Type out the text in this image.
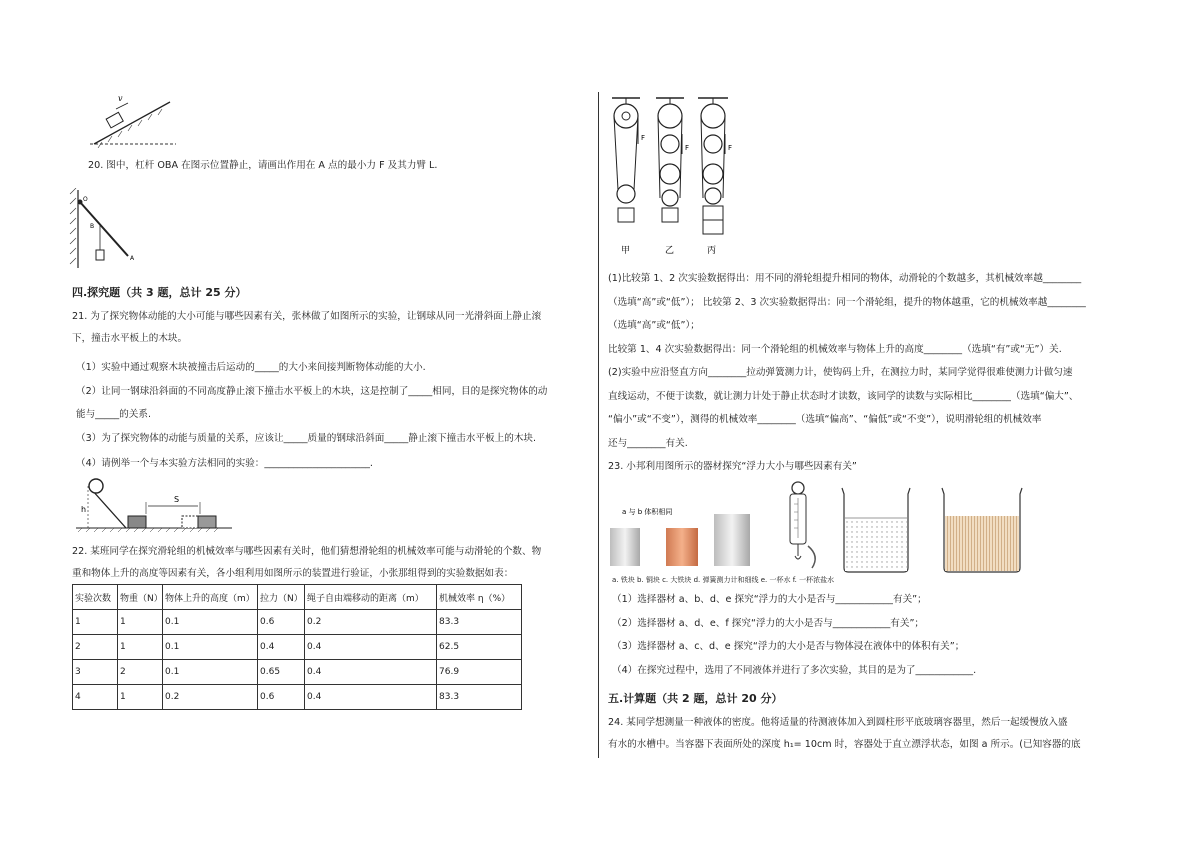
v
20. 图中，杠杆 OBA 在图示位置静止，请画出作用在 A 点的最小力 F 及其力臂 L.
O
B
A
四.探究题（共 3 题，总计 25 分）
21. 为了探究物体动能的大小可能与哪些因素有关，张林做了如图所示的实验，让钢球从同一光滑斜面上静止滚
下，撞击水平板上的木块。
（1）实验中通过观察木块被撞击后运动的_____的大小来间接判断物体动能的大小.
（2）让同一钢球沿斜面的不同高度静止滚下撞击水平板上的木块，这是控制了_____相同，目的是探究物体的动
能与_____的关系.
（3）为了探究物体的动能与质量的关系，应该让_____质量的钢球沿斜面_____静止滚下撞击水平板上的木块.
（4）请例举一个与本实验方法相同的实验：______________________.
h
S
22. 某班同学在探究滑轮组的机械效率与哪些因素有关时，他们猜想滑轮组的机械效率可能与动滑轮的个数、物
重和物体上升的高度等因素有关，各小组利用如图所示的装置进行验证，小张那组得到的实验数据如表：
实验次数	物重（N）	物体上升的高度（m）	拉力（N）	绳子自由端移动的距离（m）	机械效率 η（%）
1	1	0.1	0.6	0.2	83.3
2	1	0.1	0.4	0.4	62.5
3	2	0.1	0.65	0.4	76.9
4	1	0.2	0.6	0.4	83.3
F
F	F
甲	乙	丙
(1)比较第 1、2 次实验数据得出：用不同的滑轮组提升相同的物体，动滑轮的个数越多，其机械效率越________
（选填“高”或“低”）； 比较第 2、3 次实验数据得出：同一个滑轮组，提升的物体越重，它的机械效率越________
（选填“高”或“低”）；
比较第 1、4 次实验数据得出：同一个滑轮组的机械效率与物体上升的高度________（选填“有”或“无”）关.
(2)实验中应沿竖直方向________拉动弹簧测力计，使钩码上升，在测拉力时，某同学觉得很难使测力计做匀速
直线运动，不便于读数，就让测力计处于静止状态时才读数，该同学的读数与实际相比________（选填“偏大”、
“偏小”或“不变”），测得的机械效率________（选填“偏高”、“偏低”或“不变”），说明滑轮组的机械效率
还与________有关.
23. 小邦利用图所示的器材探究“浮力大小与哪些因素有关”
a 与 b 体积相同
a. 铁块 b. 铜块 c. 大铁块 d. 弹簧测力计和细线 e. 一杯水 f. 一杯浓盐水
（1）选择器材 a、b、d、e 探究“浮力的大小是否与____________有关”；
（2）选择器材 a、d、e、f 探究“浮力的大小是否与____________有关”；
（3）选择器材 a、c、d、e 探究“浮力的大小是否与物体浸在液体中的体积有关”；
（4）在探究过程中，选用了不同液体并进行了多次实验，其目的是为了____________.
五.计算题（共 2 题，总计 20 分）
24. 某同学想测量一种液体的密度。他将适量的待测液体加入到圆柱形平底玻璃容器里，然后一起缓慢放入盛
有水的水槽中。当容器下表面所处的深度 h₁= 10cm 时，容器处于直立漂浮状态，如图 a 所示。(已知容器的底
